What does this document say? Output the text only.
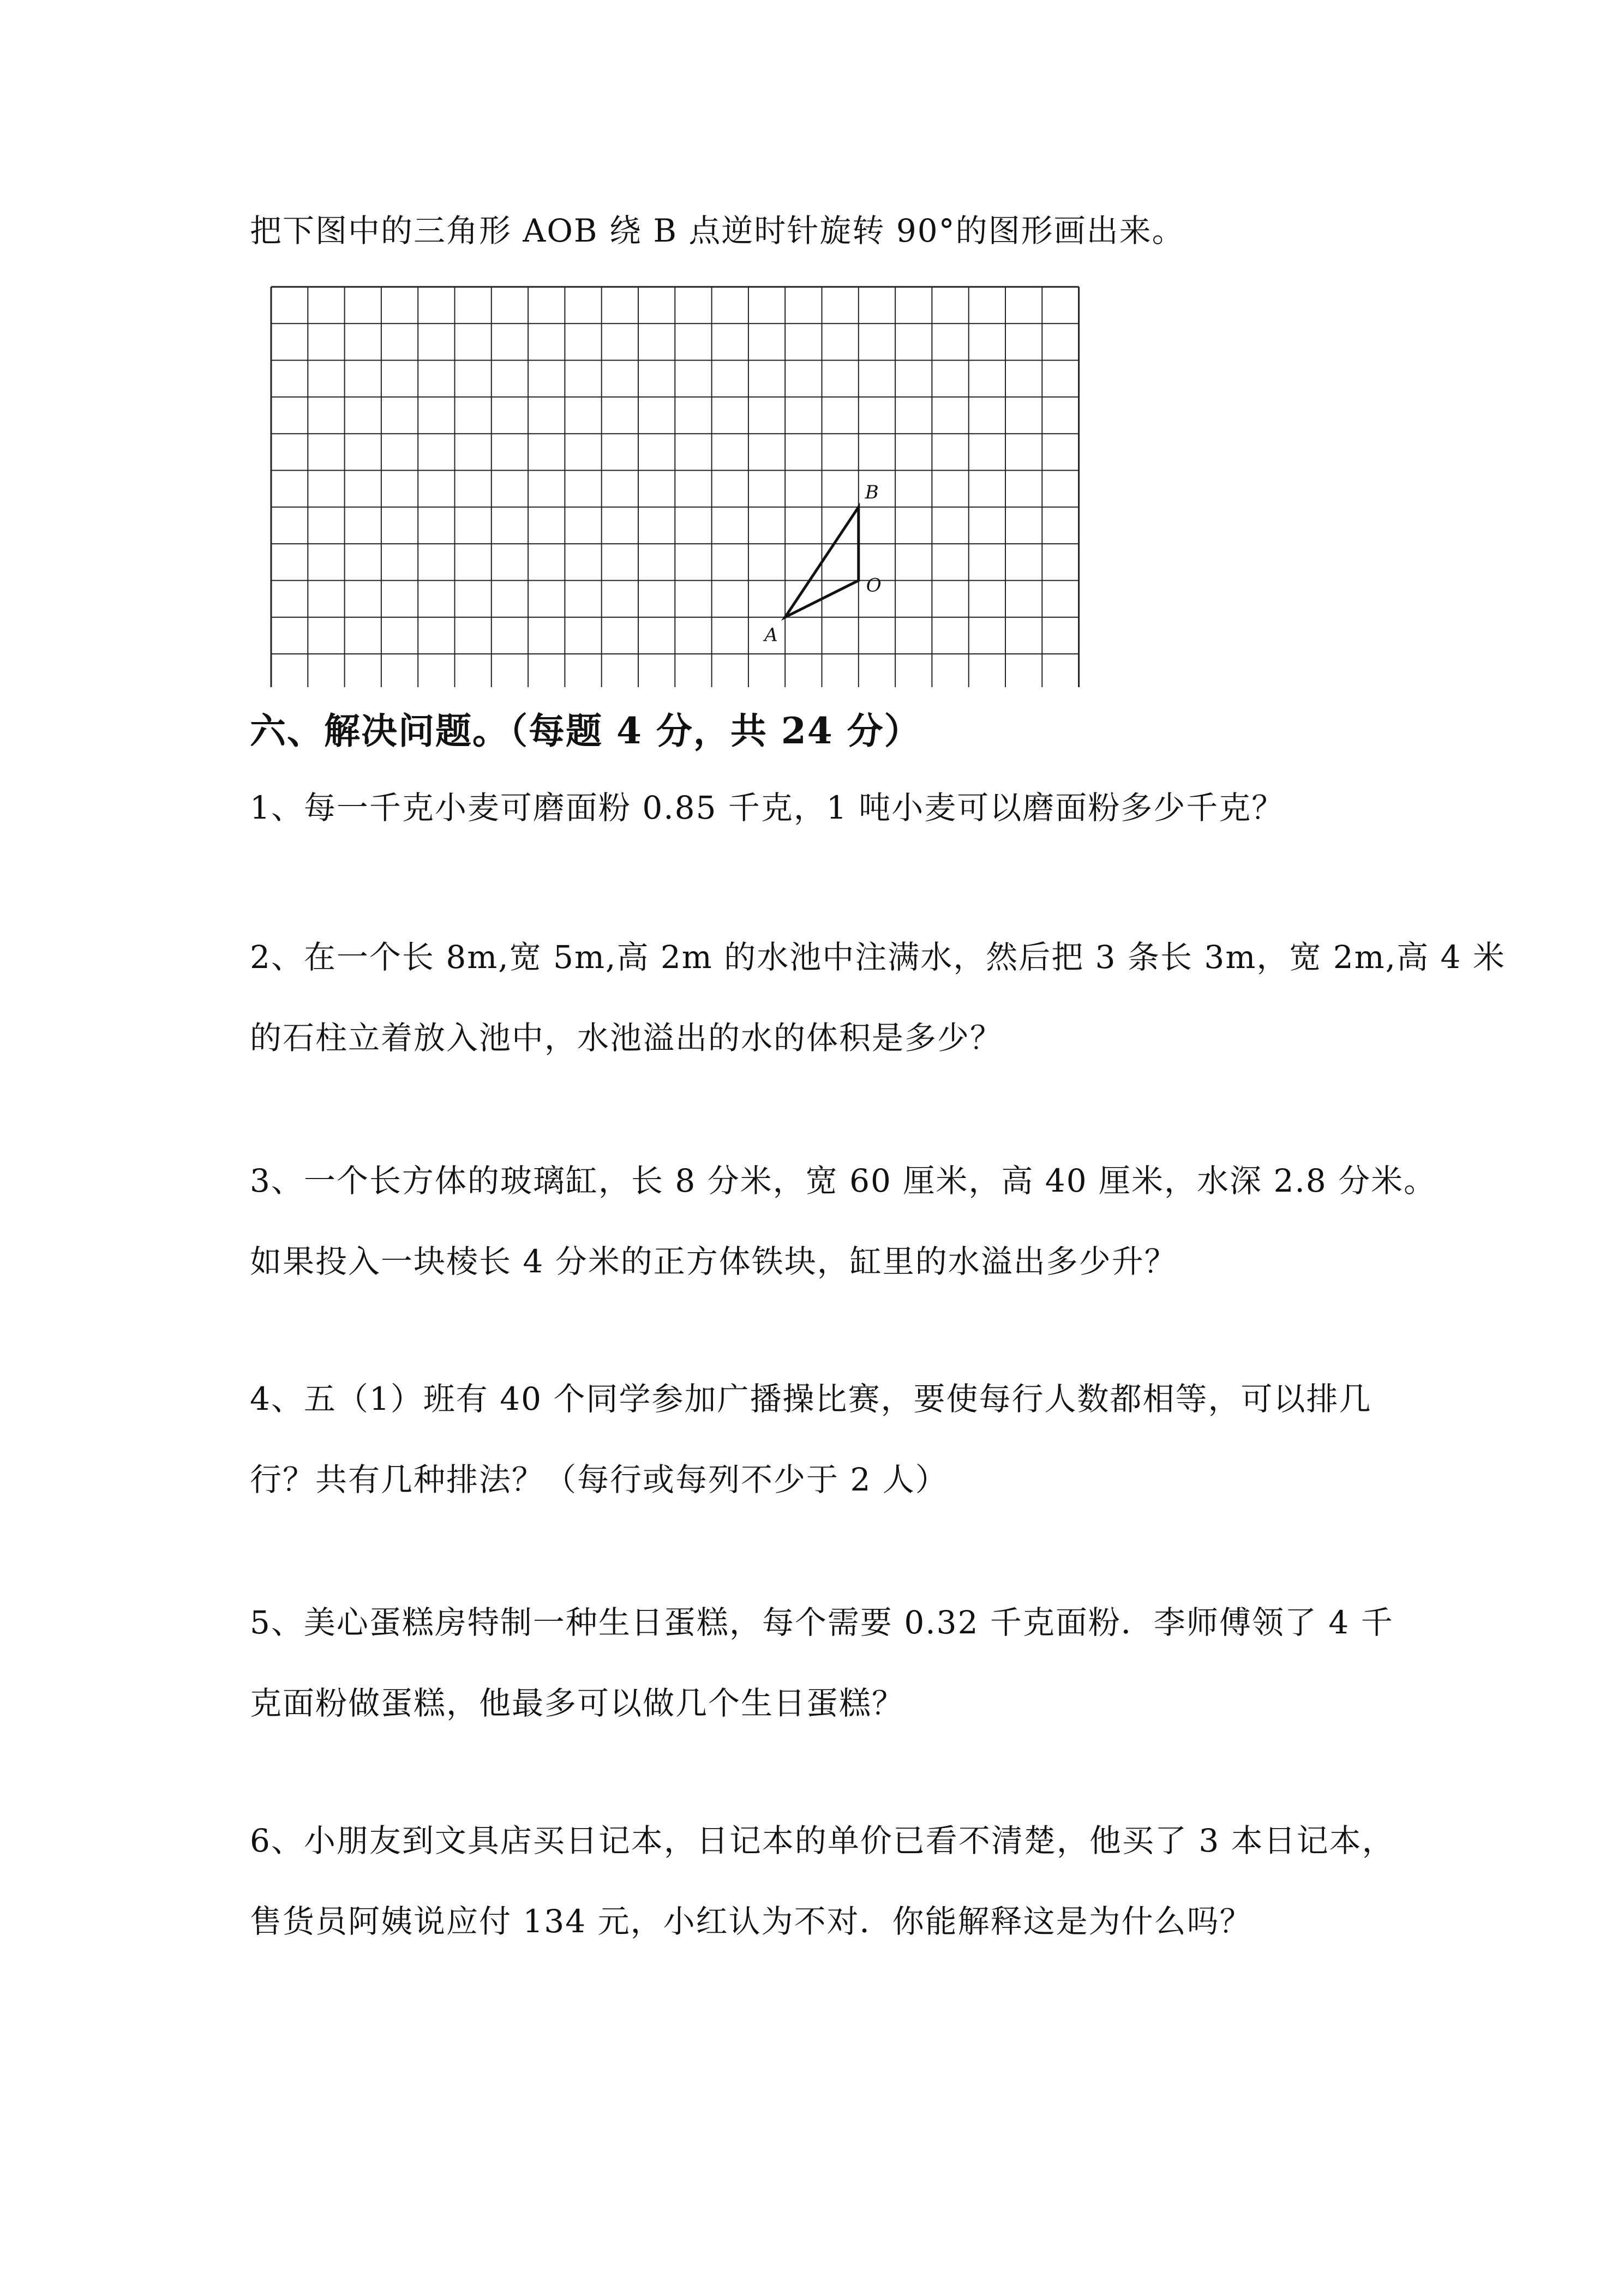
把下图中的三角形 AOB 绕 B 点逆时针旋转 90°的图形画出来。
A
O
B
六、解决问题。（每题 4 分，共 24 分）
1、每一千克小麦可磨面粉 0.85 千克，1 吨小麦可以磨面粉多少千克？
2、在一个长 8m,宽 5m,高 2m 的水池中注满水，然后把 3 条长 3m，宽 2m,高 4 米
的石柱立着放入池中，水池溢出的水的体积是多少？
3、一个长方体的玻璃缸，长 8 分米，宽 60 厘米，高 40 厘米，水深 2.8 分米。
如果投入一块棱长 4 分米的正方体铁块，缸里的水溢出多少升？
4、五（1）班有 40 个同学参加广播操比赛，要使每行人数都相等，可以排几
行？共有几种排法？（每行或每列不少于 2 人）
5、美心蛋糕房特制一种生日蛋糕，每个需要 0.32 千克面粉．李师傅领了 4 千
克面粉做蛋糕，他最多可以做几个生日蛋糕？
6、小朋友到文具店买日记本，日记本的单价已看不清楚，他买了 3 本日记本，
售货员阿姨说应付 134 元，小红认为不对．你能解释这是为什么吗？
